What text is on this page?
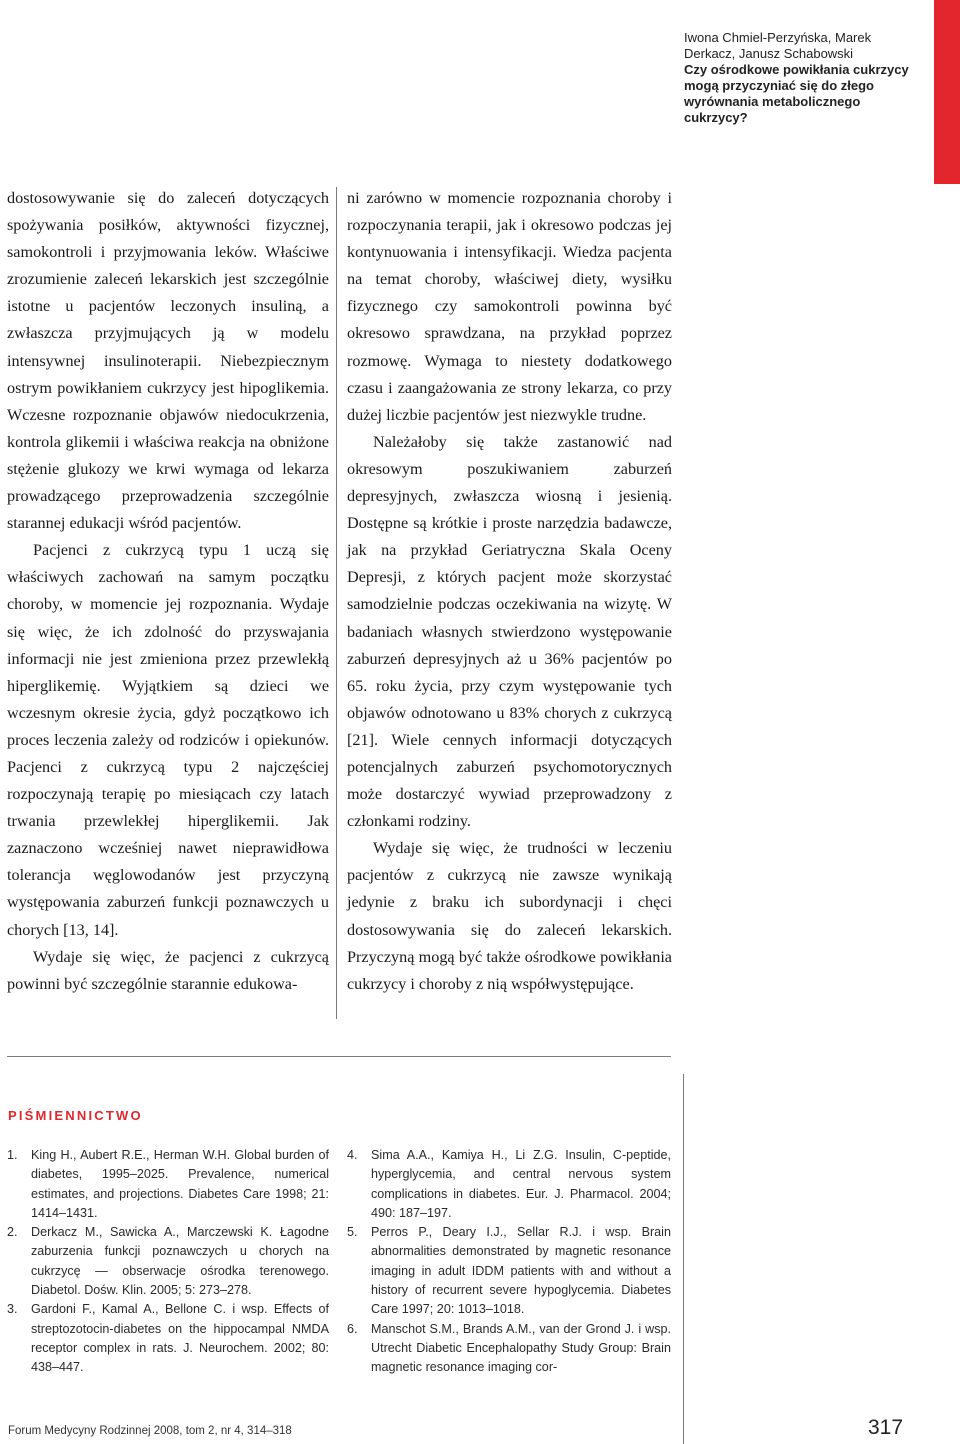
Iwona Chmiel-Perzyńska, Marek Derkacz, Janusz Schabowski
Czy ośrodkowe powikłania cukrzycy mogą przyczyniać się do złego wyrównania metabolicznego cukrzycy?

dostosowywanie się do zaleceń dotyczących spożywania posiłków, aktywności fizycznej, samokontroli i przyjmowania leków. Właściwe zrozumienie zaleceń lekarskich jest szczególnie istotne u pacjentów leczonych insuliną, a zwłaszcza przyjmujących ją w modelu intensywnej insulinoterapii. Niebezpiecznym ostrym powikłaniem cukrzycy jest hipoglikemia. Wczesne rozpoznanie objawów niedocukrzenia, kontrola glikemii i właściwa reakcja na obniżone stężenie glukozy we krwi wymaga od lekarza prowadzącego przeprowadzenia szczególnie starannej edukacji wśród pacjentów.

Pacjenci z cukrzycą typu 1 uczą się właściwych zachowań na samym początku choroby, w momencie jej rozpoznania. Wydaje się więc, że ich zdolność do przyswajania informacji nie jest zmieniona przez przewlekłą hiperglikemię. Wyjątkiem są dzieci we wczesnym okresie życia, gdyż początkowo ich proces leczenia zależy od rodziców i opiekunów. Pacjenci z cukrzycą typu 2 najczęściej rozpoczynają terapię po miesiącach czy latach trwania przewlekłej hiperglikemii. Jak zaznaczono wcześniej nawet nieprawidłowa tolerancja węglowodanów jest przyczyną występowania zaburzeń funkcji poznawczych u chorych [13, 14].

Wydaje się więc, że pacjenci z cukrzycą powinni być szczególnie starannie edukowa-

ni zarówno w momencie rozpoznania choroby i rozpoczynania terapii, jak i okresowo podczas jej kontynuowania i intensyfikacji. Wiedza pacjenta na temat choroby, właściwej diety, wysiłku fizycznego czy samokontroli powinna być okresowo sprawdzana, na przykład poprzez rozmowę. Wymaga to niestety dodatkowego czasu i zaangażowania ze strony lekarza, co przy dużej liczbie pacjentów jest niezwykle trudne.

Należałoby się także zastanowić nad okresowym poszukiwaniem zaburzeń depresyjnych, zwłaszcza wiosną i jesienią. Dostępne są krótkie i proste narzędzia badawcze, jak na przykład Geriatryczna Skala Oceny Depresji, z których pacjent może skorzystać samodzielnie podczas oczekiwania na wizytę. W badaniach własnych stwierdzono występowanie zaburzeń depresyjnych aż u 36% pacjentów po 65. roku życia, przy czym występowanie tych objawów odnotowano u 83% chorych z cukrzycą [21]. Wiele cennych informacji dotyczących potencjalnych zaburzeń psychomotorycznych może dostarczyć wywiad przeprowadzony z członkami rodziny.

Wydaje się więc, że trudności w leczeniu pacjentów z cukrzycą nie zawsze wynikają jedynie z braku ich subordynacji i chęci dostosowywania się do zaleceń lekarskich. Przyczyną mogą być także ośrodkowe powikłania cukrzycy i choroby z nią współwystępujące.

PIŚMIENNICTWO
1. King H., Aubert R.E., Herman W.H. Global burden of diabetes, 1995–2025. Prevalence, numerical estimates, and projections. Diabetes Care 1998; 21: 1414–1431.
2. Derkacz M., Sawicka A., Marczewski K. Łagodne zaburzenia funkcji poznawczych u chorych na cukrzycę — obserwacje ośrodka terenowego. Diabetol. Dośw. Klin. 2005; 5: 273–278.
3. Gardoni F., Kamal A., Bellone C. i wsp. Effects of streptozotocin-diabetes on the hippocampal NMDA receptor complex in rats. J. Neurochem. 2002; 80: 438–447.
4. Sima A.A., Kamiya H., Li Z.G. Insulin, C-peptide, hyperglycemia, and central nervous system complications in diabetes. Eur. J. Pharmacol. 2004; 490: 187–197.
5. Perros P., Deary I.J., Sellar R.J. i wsp. Brain abnormalities demonstrated by magnetic resonance imaging in adult IDDM patients with and without a history of recurrent severe hypoglycemia. Diabetes Care 1997; 20: 1013–1018.
6. Manschot S.M., Brands A.M., van der Grond J. i wsp. Utrecht Diabetic Encephalopathy Study Group: Brain magnetic resonance imaging cor-
Forum Medycyny Rodzinnej 2008, tom 2, nr 4, 314–318	317
